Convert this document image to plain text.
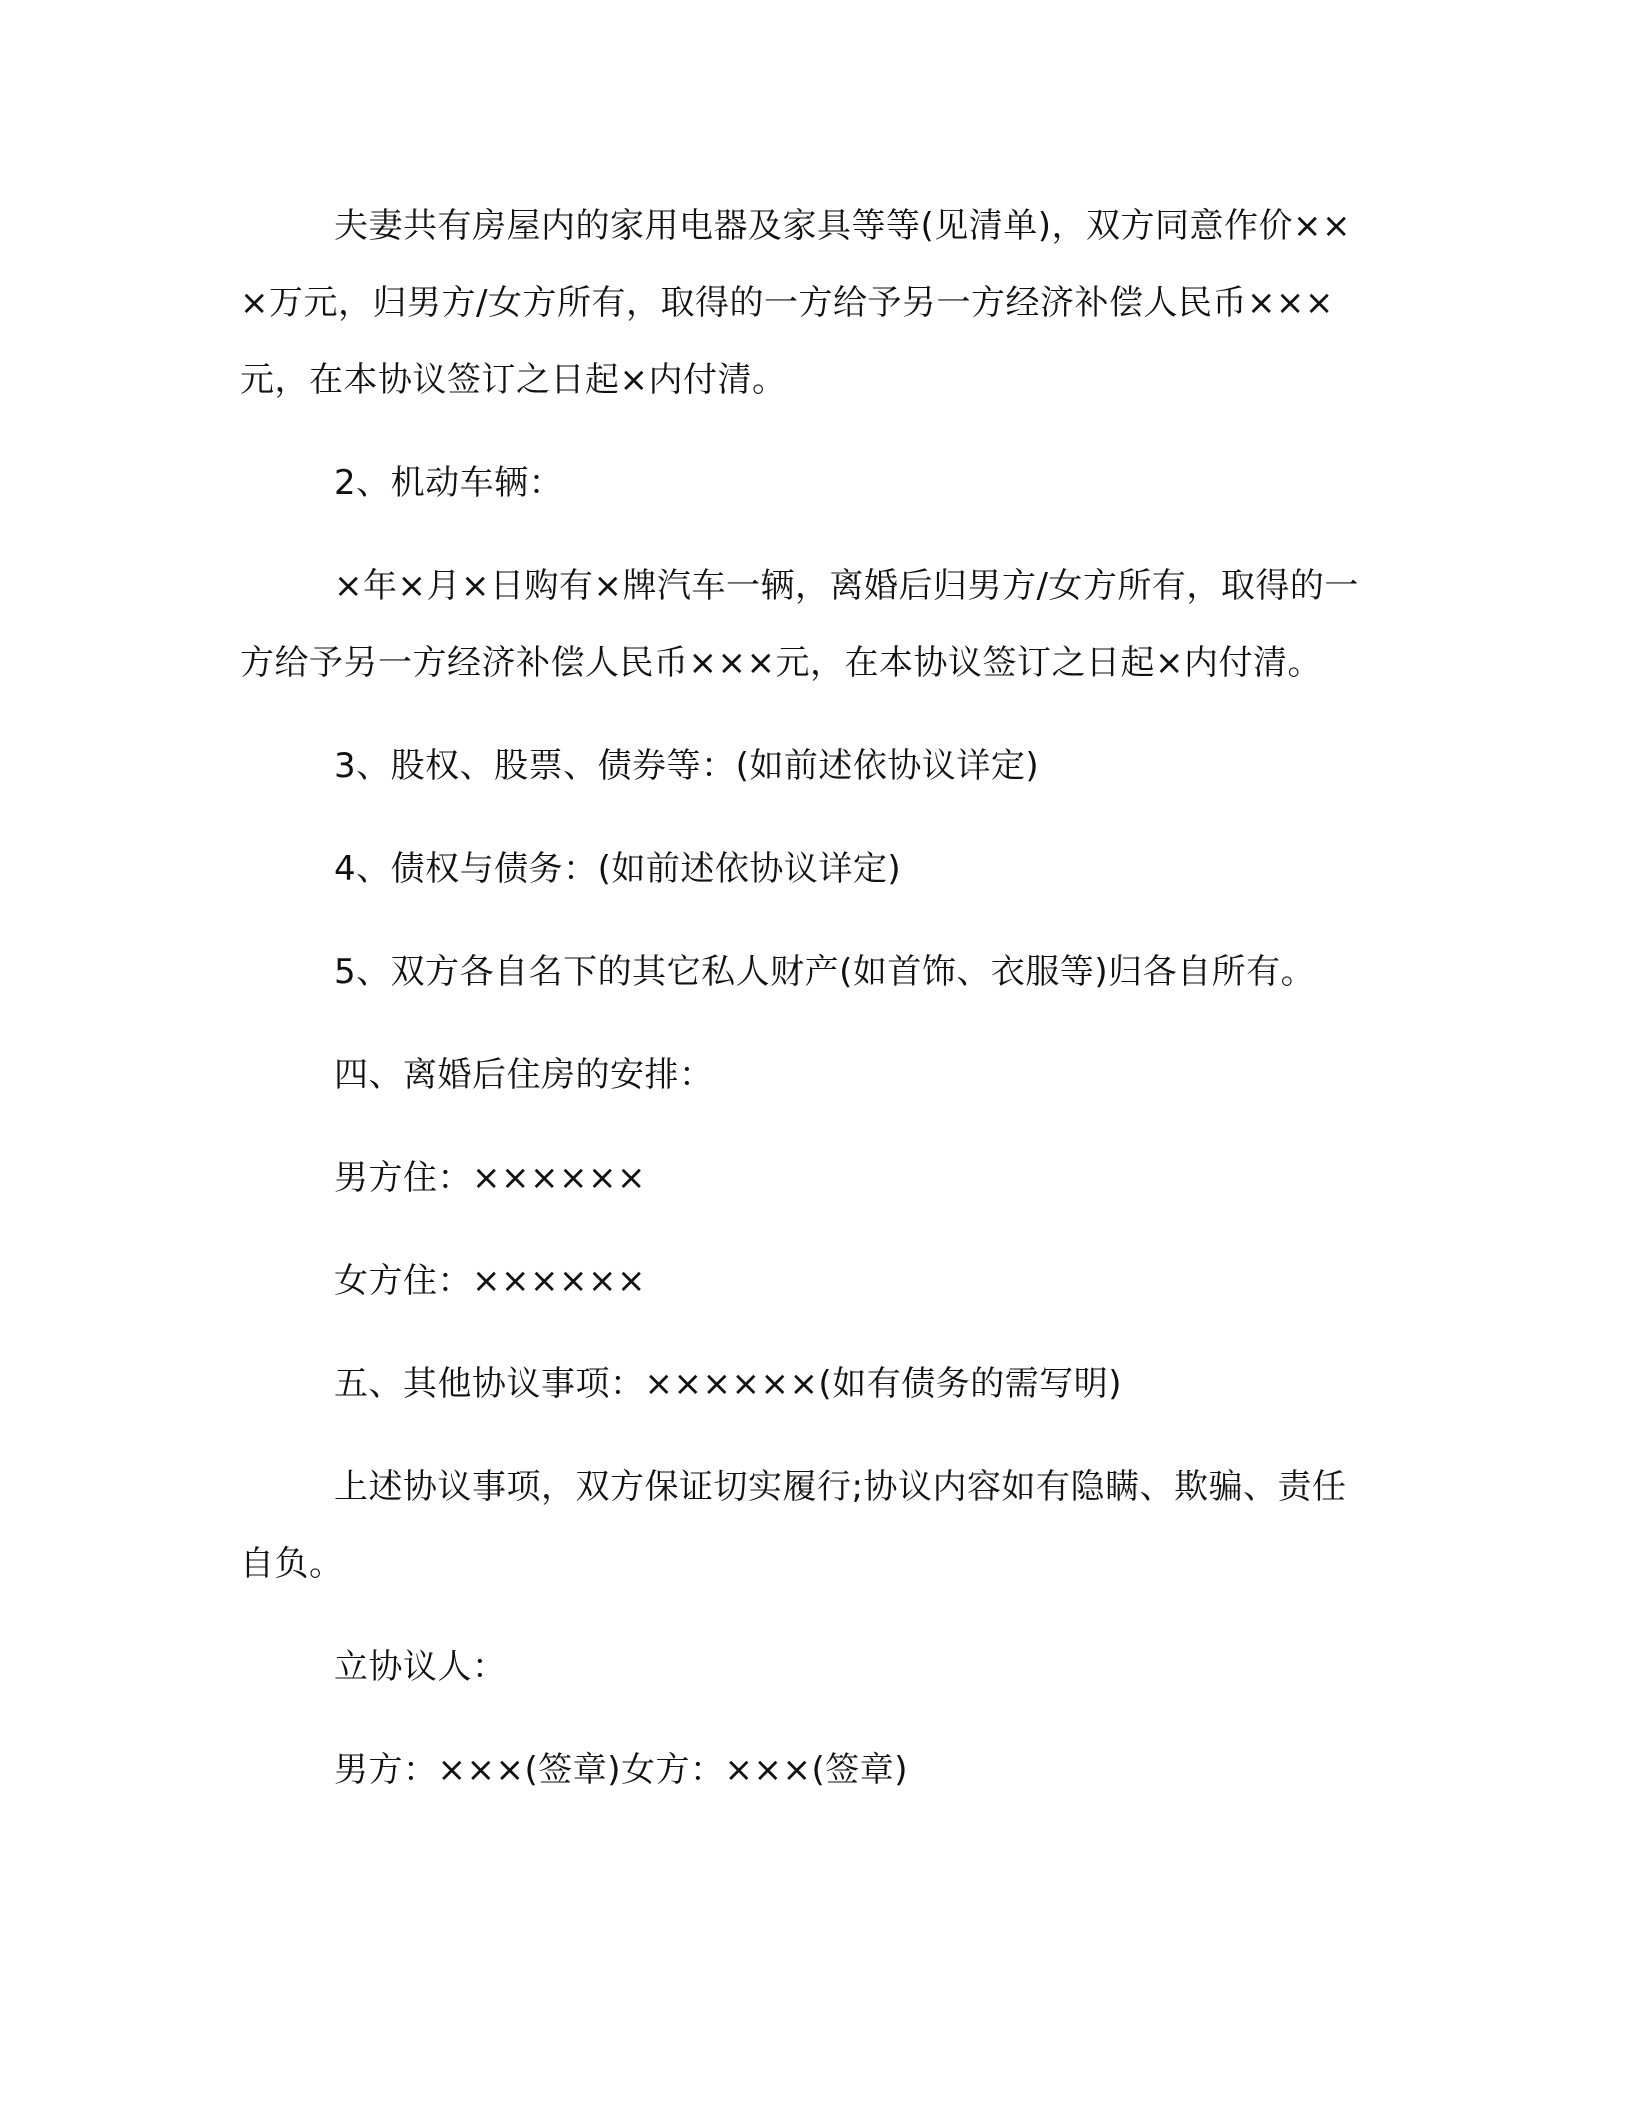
夫妻共有房屋内的家用电器及家具等等(见清单)，双方同意作价×××万元，归男方/女方所有，取得的一方给予另一方经济补偿人民币×××元，在本协议签订之日起×内付清。

2、机动车辆：

×年×月×日购有×牌汽车一辆，离婚后归男方/女方所有，取得的一方给予另一方经济补偿人民币×××元，在本协议签订之日起×内付清。

3、股权、股票、债券等：(如前述依协议详定)

4、债权与债务：(如前述依协议详定)

5、双方各自名下的其它私人财产(如首饰、衣服等)归各自所有。

四、离婚后住房的安排：

男方住：××××××

女方住：××××××

五、其他协议事项：××××××(如有债务的需写明)

上述协议事项，双方保证切实履行;协议内容如有隐瞒、欺骗、责任自负。

立协议人：

男方：×××(签章)女方：×××(签章)
